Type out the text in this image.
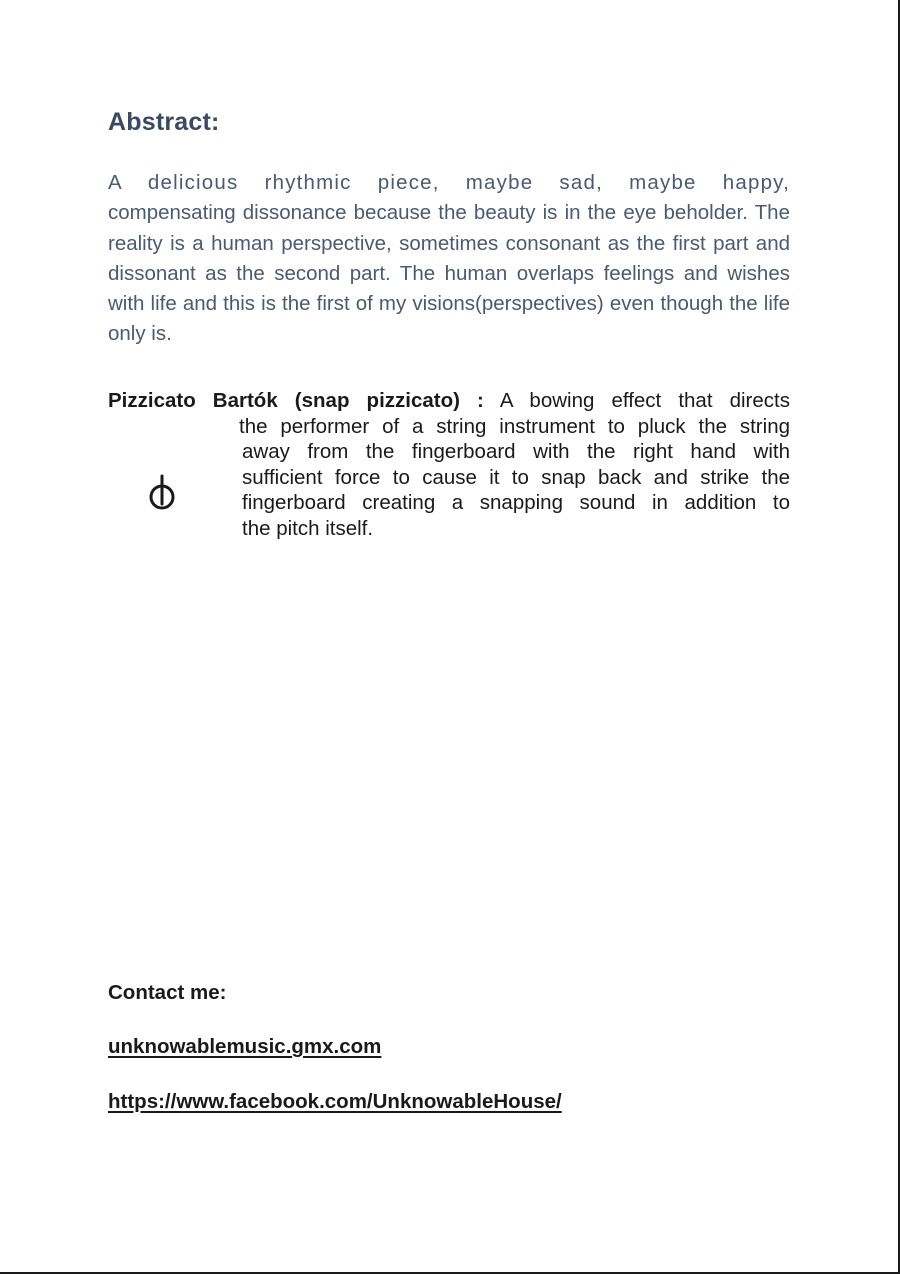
Abstract:
A delicious rhythmic piece, maybe sad, maybe happy, compensating dissonance because the beauty is in the eye beholder. The reality is a human perspective, sometimes consonant as the first part and dissonant as the second part. The human overlaps feelings and wishes with life and this is the first of my visions(perspectives) even though the life only is.
Pizzicato Bartók (snap pizzicato) : A bowing effect that directs
the performer of a string instrument to pluck the string
away from the fingerboard with the right hand with
sufficient force to cause it to snap back and strike the
fingerboard creating a snapping sound in addition to
the pitch itself.

Contact me:

unknowablemusic.gmx.com

https://www.facebook.com/UnknowableHouse/
